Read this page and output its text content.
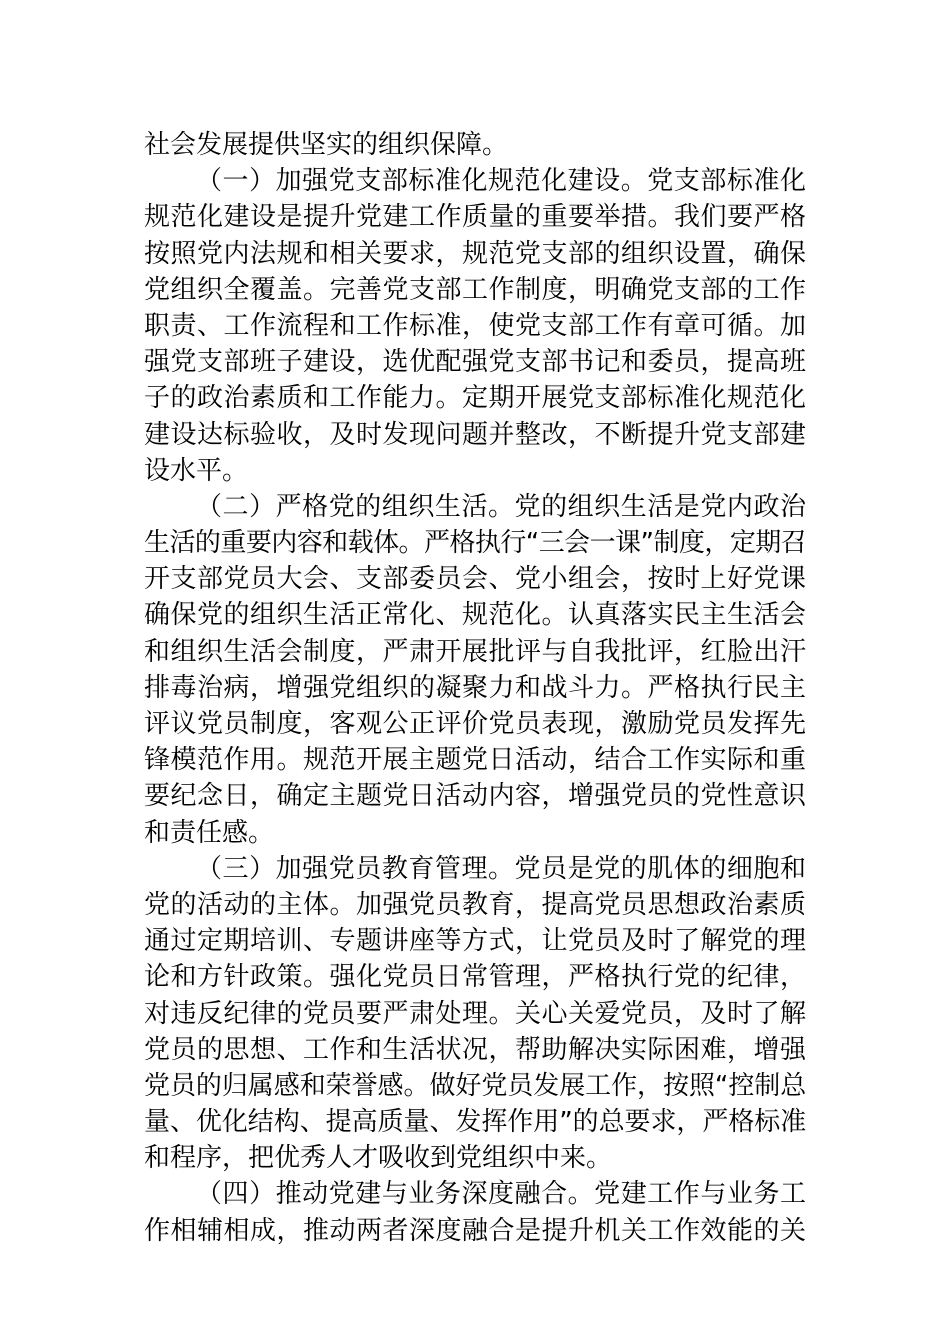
社会发展提供坚实的组织保障。
（一）加强党支部标准化规范化建设。党支部标准化
规范化建设是提升党建工作质量的重要举措。我们要严格
按照党内法规和相关要求，规范党支部的组织设置，确保
党组织全覆盖。完善党支部工作制度，明确党支部的工作
职责、工作流程和工作标准，使党支部工作有章可循。加
强党支部班子建设，选优配强党支部书记和委员，提高班
子的政治素质和工作能力。定期开展党支部标准化规范化
建设达标验收，及时发现问题并整改，不断提升党支部建
设水平。
（二）严格党的组织生活。党的组织生活是党内政治
生活的重要内容和载体。严格执行“三会一课”制度，定期召
开支部党员大会、支部委员会、党小组会，按时上好党课
确保党的组织生活正常化、规范化。认真落实民主生活会
和组织生活会制度，严肃开展批评与自我批评，红脸出汗
排毒治病，增强党组织的凝聚力和战斗力。严格执行民主
评议党员制度，客观公正评价党员表现，激励党员发挥先
锋模范作用。规范开展主题党日活动，结合工作实际和重
要纪念日，确定主题党日活动内容，增强党员的党性意识
和责任感。
（三）加强党员教育管理。党员是党的肌体的细胞和
党的活动的主体。加强党员教育，提高党员思想政治素质
通过定期培训、专题讲座等方式，让党员及时了解党的理
论和方针政策。强化党员日常管理，严格执行党的纪律，
对违反纪律的党员要严肃处理。关心关爱党员，及时了解
党员的思想、工作和生活状况，帮助解决实际困难，增强
党员的归属感和荣誉感。做好党员发展工作，按照“控制总
量、优化结构、提高质量、发挥作用”的总要求，严格标准
和程序，把优秀人才吸收到党组织中来。
（四）推动党建与业务深度融合。党建工作与业务工
作相辅相成，推动两者深度融合是提升机关工作效能的关
